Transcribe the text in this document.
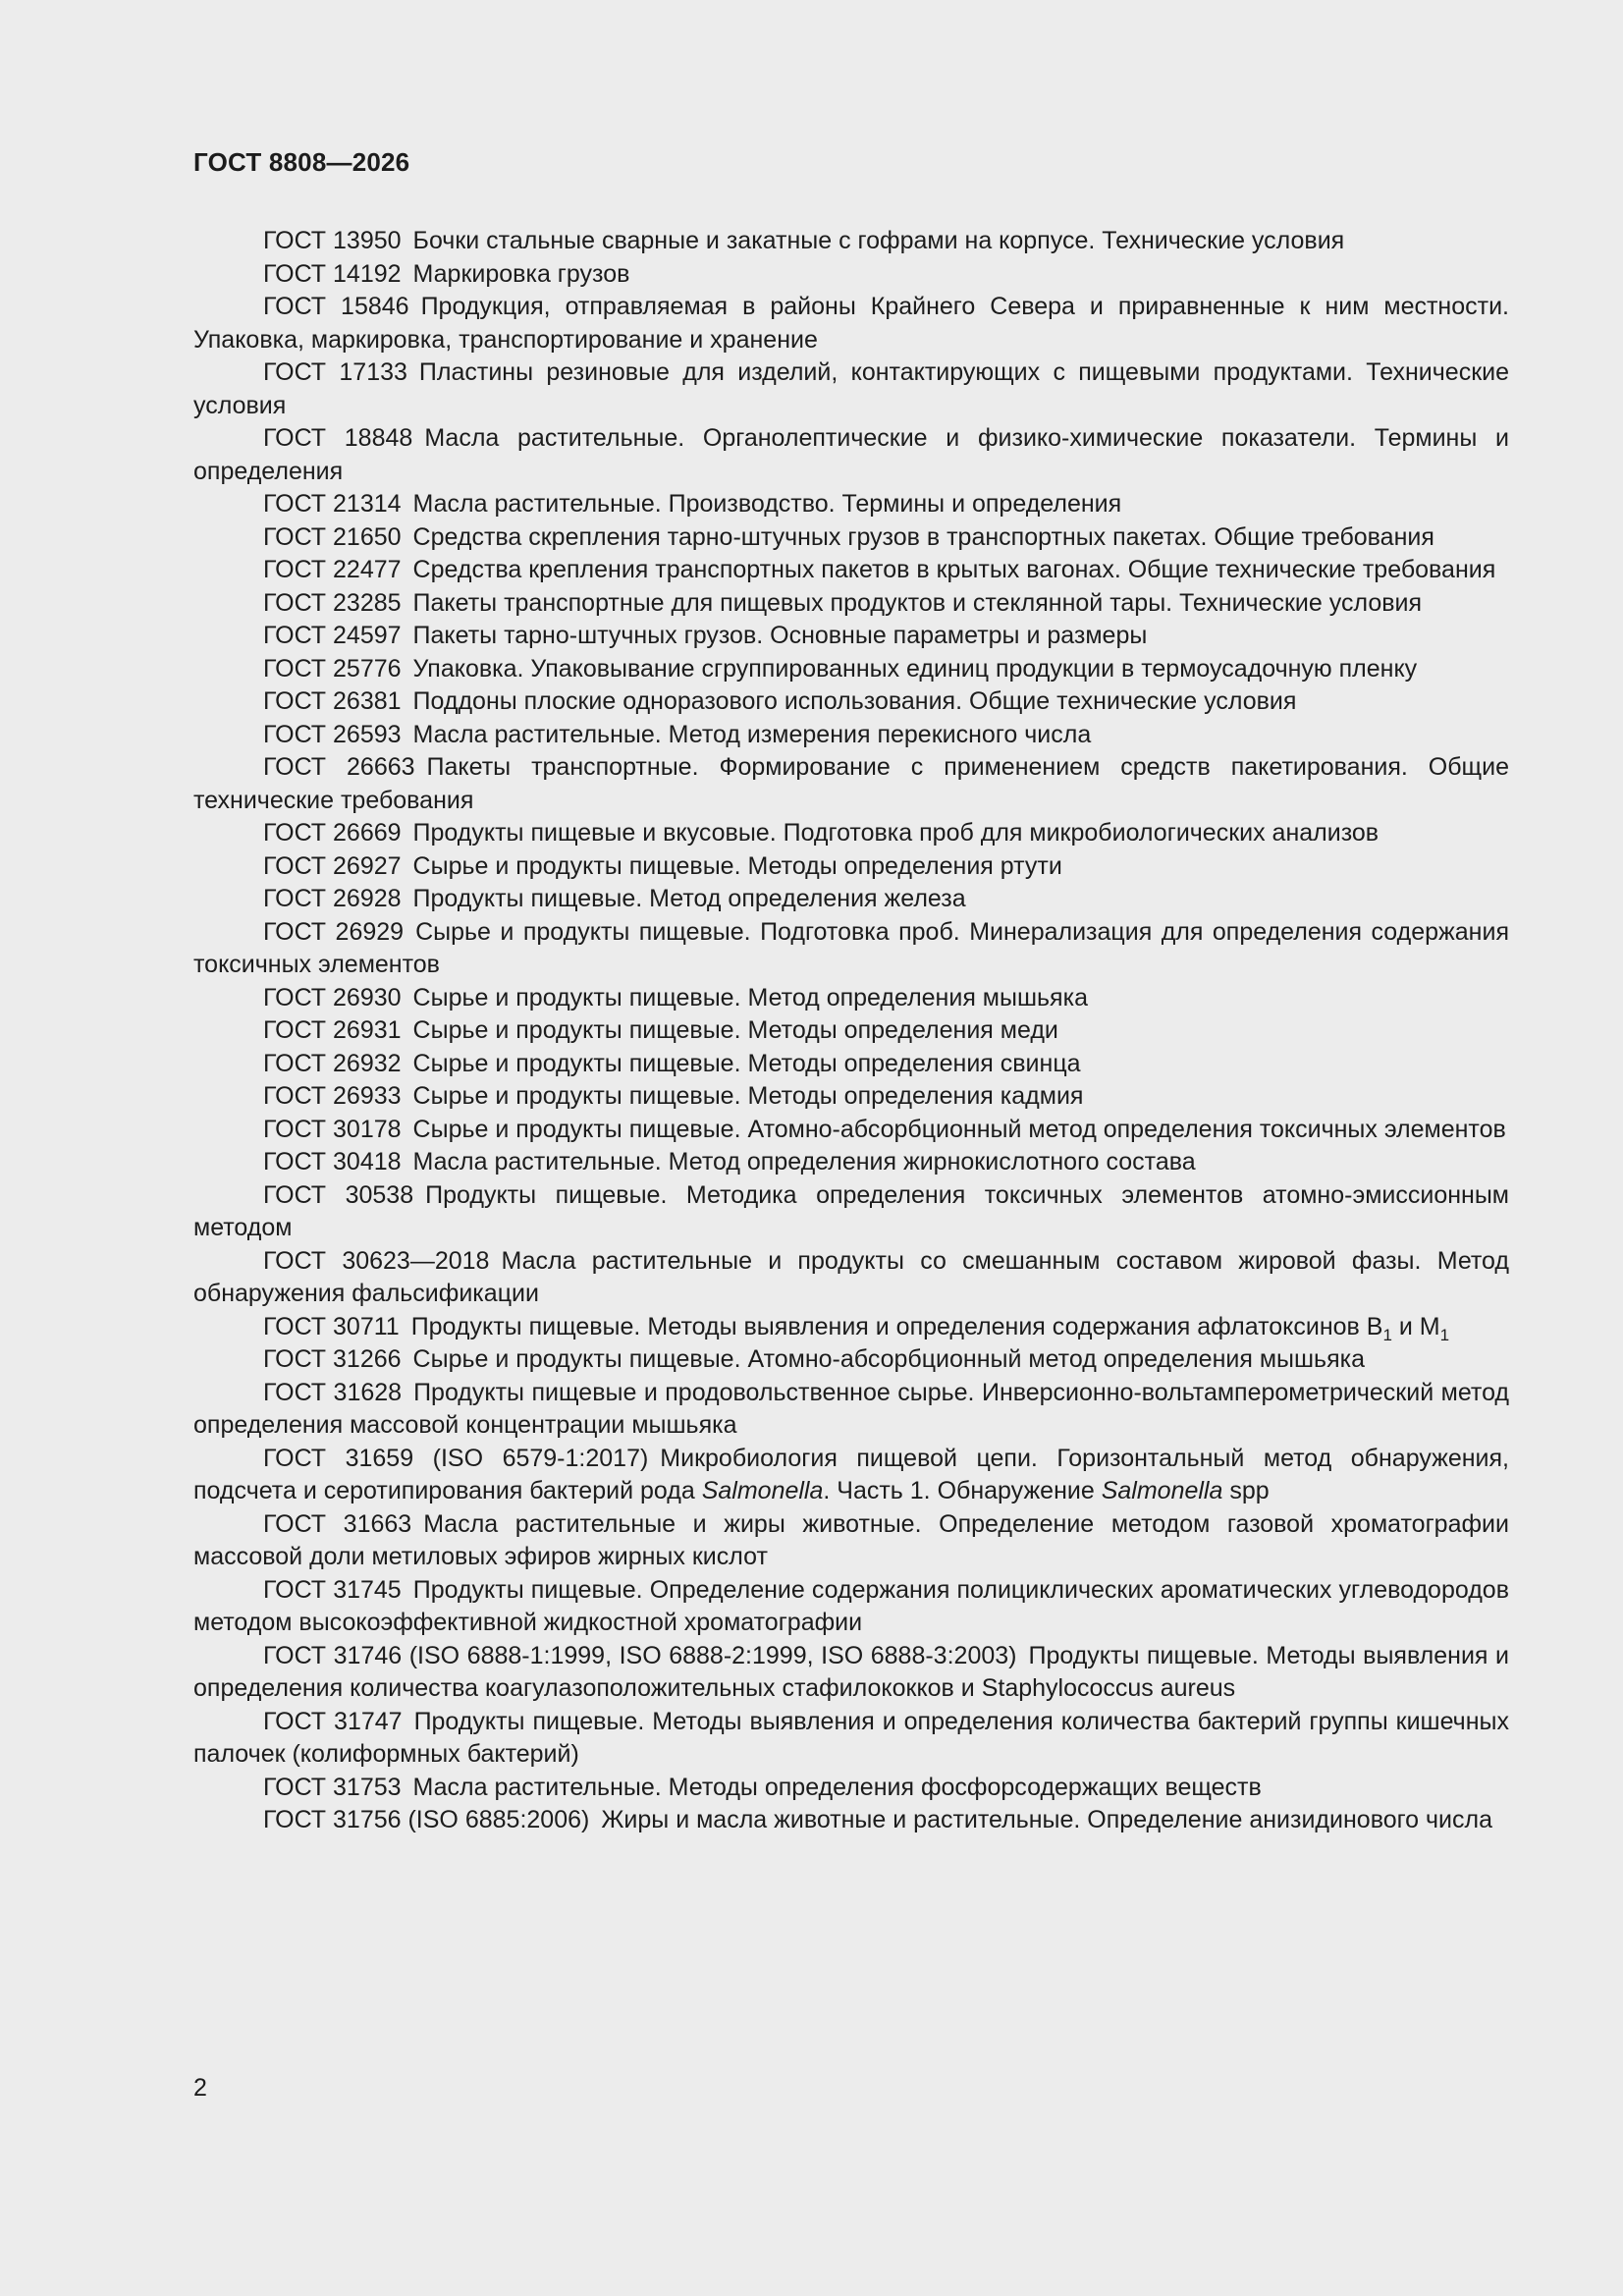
ГОСТ 8808—2026
ГОСТ 13950 Бочки стальные сварные и закатные с гофрами на корпусе. Технические условия
ГОСТ 14192 Маркировка грузов
ГОСТ 15846 Продукция, отправляемая в районы Крайнего Севера и приравненные к ним местности. Упаковка, маркировка, транспортирование и хранение
ГОСТ 17133 Пластины резиновые для изделий, контактирующих с пищевыми продуктами. Технические условия
ГОСТ 18848 Масла растительные. Органолептические и физико-химические показатели. Термины и определения
ГОСТ 21314 Масла растительные. Производство. Термины и определения
ГОСТ 21650 Средства скрепления тарно-штучных грузов в транспортных пакетах. Общие требования
ГОСТ 22477 Средства крепления транспортных пакетов в крытых вагонах. Общие технические требования
ГОСТ 23285 Пакеты транспортные для пищевых продуктов и стеклянной тары. Технические условия
ГОСТ 24597 Пакеты тарно-штучных грузов. Основные параметры и размеры
ГОСТ 25776 Упаковка. Упаковывание сгруппированных единиц продукции в термоусадочную пленку
ГОСТ 26381 Поддоны плоские одноразового использования. Общие технические условия
ГОСТ 26593 Масла растительные. Метод измерения перекисного числа
ГОСТ 26663 Пакеты транспортные. Формирование с применением средств пакетирования. Общие технические требования
ГОСТ 26669 Продукты пищевые и вкусовые. Подготовка проб для микробиологических анализов
ГОСТ 26927 Сырье и продукты пищевые. Методы определения ртути
ГОСТ 26928 Продукты пищевые. Метод определения железа
ГОСТ 26929 Сырье и продукты пищевые. Подготовка проб. Минерализация для определения содержания токсичных элементов
ГОСТ 26930 Сырье и продукты пищевые. Метод определения мышьяка
ГОСТ 26931 Сырье и продукты пищевые. Методы определения меди
ГОСТ 26932 Сырье и продукты пищевые. Методы определения свинца
ГОСТ 26933 Сырье и продукты пищевые. Методы определения кадмия
ГОСТ 30178 Сырье и продукты пищевые. Атомно-абсорбционный метод определения токсичных элементов
ГОСТ 30418 Масла растительные. Метод определения жирнокислотного состава
ГОСТ 30538 Продукты пищевые. Методика определения токсичных элементов атомно-эмиссионным методом
ГОСТ 30623—2018 Масла растительные и продукты со смешанным составом жировой фазы. Метод обнаружения фальсификации
ГОСТ 30711 Продукты пищевые. Методы выявления и определения содержания афлатоксинов $B_1$ и $M_1$
ГОСТ 31266 Сырье и продукты пищевые. Атомно-абсорбционный метод определения мышьяка
ГОСТ 31628 Продукты пищевые и продовольственное сырье. Инверсионно-вольтамперометрический метод определения массовой концентрации мышьяка
ГОСТ 31659 (ISO 6579-1:2017) Микробиология пищевой цепи. Горизонтальный метод обнаружения, подсчета и серотипирования бактерий рода Salmonella. Часть 1. Обнаружение Salmonella spp
ГОСТ 31663 Масла растительные и жиры животные. Определение методом газовой хроматографии массовой доли метиловых эфиров жирных кислот
ГОСТ 31745 Продукты пищевые. Определение содержания полициклических ароматических углеводородов методом высокоэффективной жидкостной хроматографии
ГОСТ 31746 (ISO 6888-1:1999, ISO 6888-2:1999, ISO 6888-3:2003) Продукты пищевые. Методы выявления и определения количества коагулазоположительных стафилококков и Staphylococcus aureus
ГОСТ 31747 Продукты пищевые. Методы выявления и определения количества бактерий группы кишечных палочек (колиформных бактерий)
ГОСТ 31753 Масла растительные. Методы определения фосфорсодержащих веществ
ГОСТ 31756 (ISO 6885:2006) Жиры и масла животные и растительные. Определение анизидинового числа
2
